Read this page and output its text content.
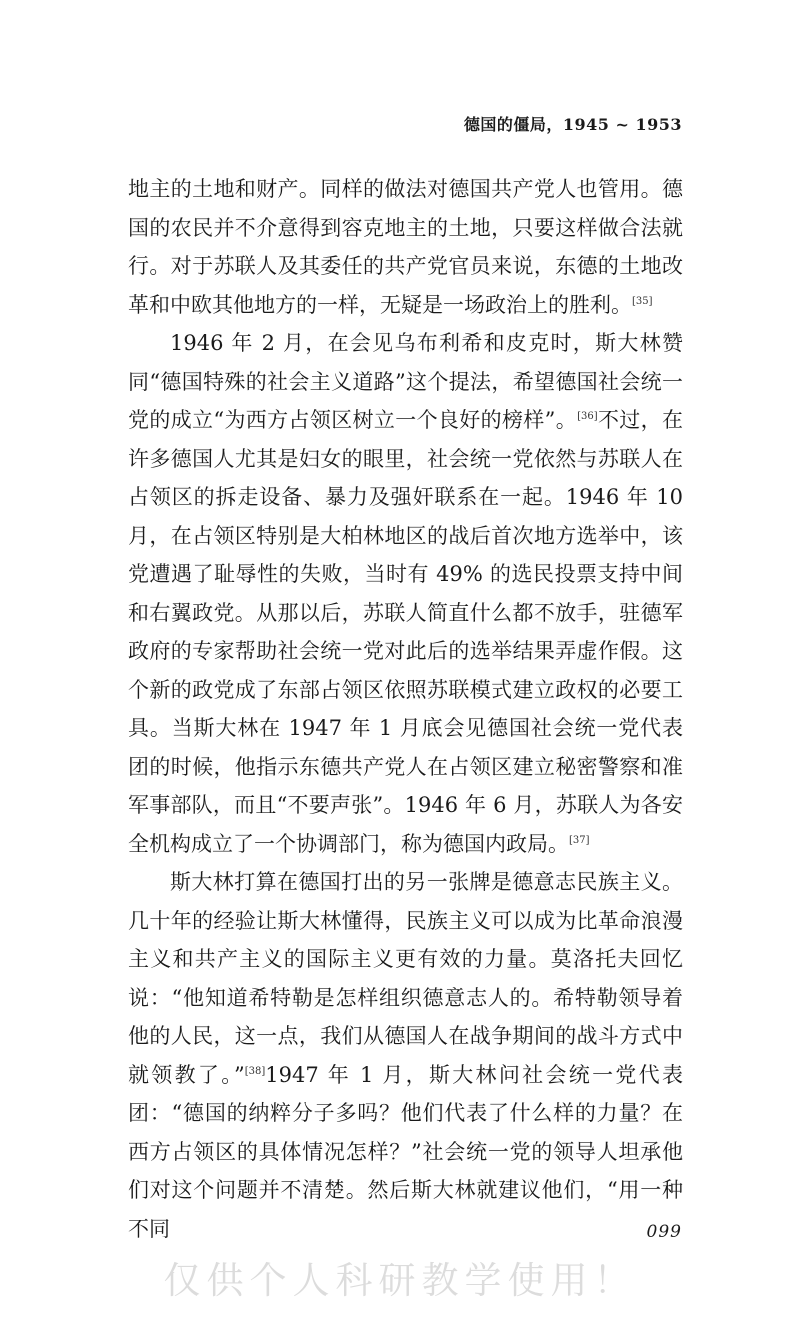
德国的僵局，1945 ~ 1953

地主的土地和财产。同样的做法对德国共产党人也管用。德国的农民并不介意得到容克地主的土地，只要这样做合法就行。对于苏联人及其委任的共产党官员来说，东德的土地改革和中欧其他地方的一样，无疑是一场政治上的胜利。[35]

1946 年 2 月，在会见乌布利希和皮克时，斯大林赞同“德国特殊的社会主义道路”这个提法，希望德国社会统一党的成立“为西方占领区树立一个良好的榜样”。[36]不过，在许多德国人尤其是妇女的眼里，社会统一党依然与苏联人在占领区的拆走设备、暴力及强奸联系在一起。1946 年 10 月，在占领区特别是大柏林地区的战后首次地方选举中，该党遭遇了耻辱性的失败，当时有 49% 的选民投票支持中间和右翼政党。从那以后，苏联人简直什么都不放手，驻德军政府的专家帮助社会统一党对此后的选举结果弄虚作假。这个新的政党成了东部占领区依照苏联模式建立政权的必要工具。当斯大林在 1947 年 1 月底会见德国社会统一党代表团的时候，他指示东德共产党人在占领区建立秘密警察和准军事部队，而且“不要声张”。1946 年 6 月，苏联人为各安全机构成立了一个协调部门，称为德国内政局。[37]

斯大林打算在德国打出的另一张牌是德意志民族主义。几十年的经验让斯大林懂得，民族主义可以成为比革命浪漫主义和共产主义的国际主义更有效的力量。莫洛托夫回忆说：“他知道希特勒是怎样组织德意志人的。希特勒领导着他的人民，这一点，我们从德国人在战争期间的战斗方式中就领教了。”[38]1947 年 1 月，斯大林问社会统一党代表团：“德国的纳粹分子多吗？他们代表了什么样的力量？在西方占领区的具体情况怎样？”社会统一党的领导人坦承他们对这个问题并不清楚。然后斯大林就建议他们，“用一种不同	099
仅供个人科研教学使用！
